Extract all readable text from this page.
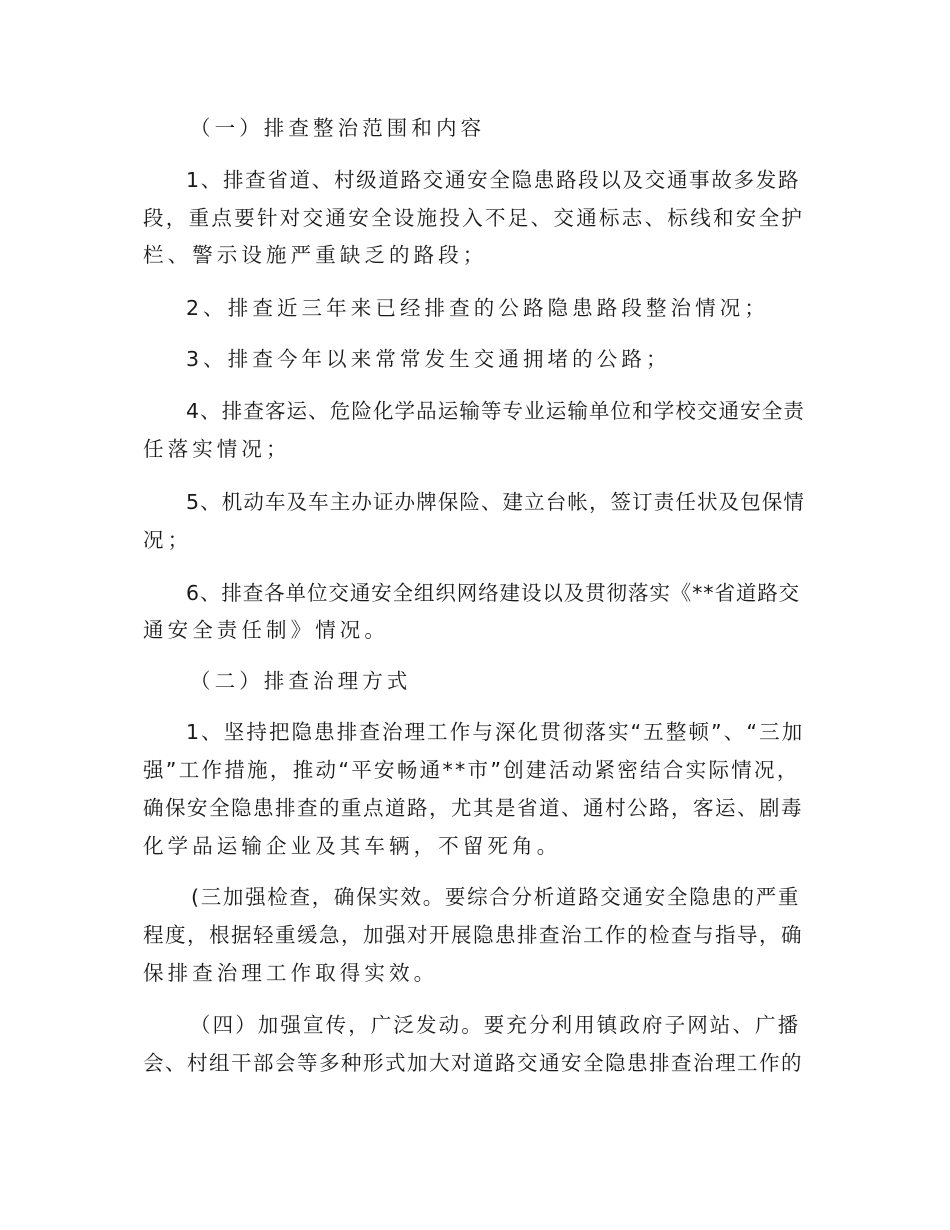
（一）排查整治范围和内容
1、排查省道、村级道路交通安全隐患路段以及交通事故多发路
段，重点要针对交通安全设施投入不足、交通标志、标线和安全护
栏、警示设施严重缺乏的路段；
2、排查近三年来已经排查的公路隐患路段整治情况；
3、排查今年以来常常发生交通拥堵的公路；
4、排查客运、危险化学品运输等专业运输单位和学校交通安全责
任落实情况；
5、机动车及车主办证办牌保险、建立台帐，签订责任状及包保情
况；
6、排查各单位交通安全组织网络建设以及贯彻落实《**省道路交
通安全责任制》情况。
（二）排查治理方式
1、坚持把隐患排查治理工作与深化贯彻落实“五整顿”、“三加
强”工作措施，推动“平安畅通**市”创建活动紧密结合实际情况，
确保安全隐患排查的重点道路，尤其是省道、通村公路，客运、剧毒
化学品运输企业及其车辆，不留死角。
(三加强检查，确保实效。要综合分析道路交通安全隐患的严重
程度，根据轻重缓急，加强对开展隐患排查治工作的检查与指导，确
保排查治理工作取得实效。
（四）加强宣传，广泛发动。要充分利用镇政府子网站、广播
会、村组干部会等多种形式加大对道路交通安全隐患排查治理工作的
